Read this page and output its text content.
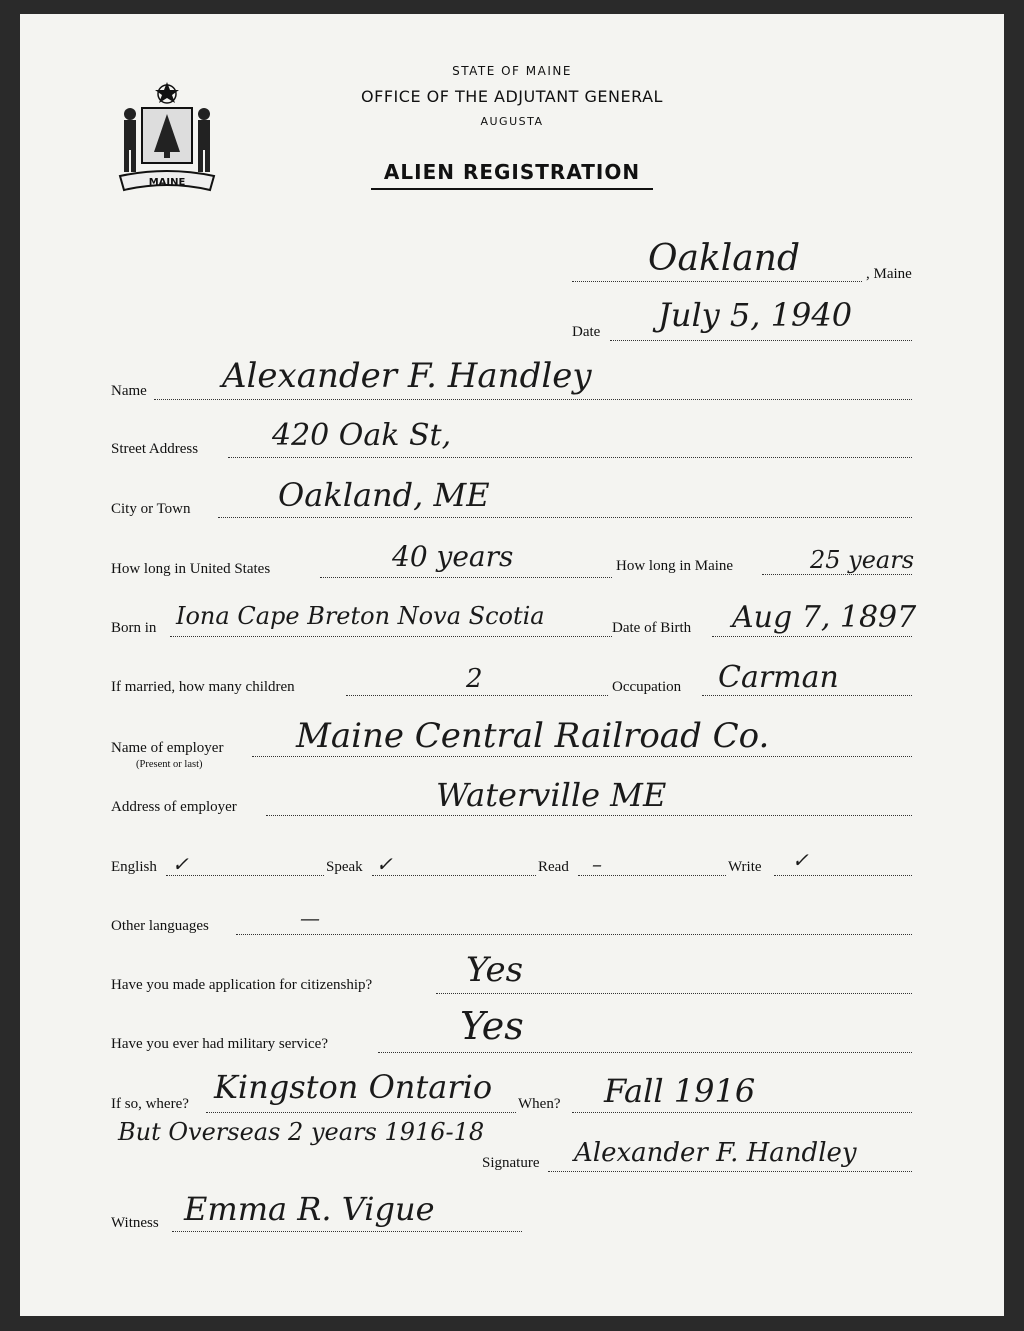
MAINE
STATE OF MAINE
OFFICE OF THE ADJUTANT GENERAL
AUGUSTA
ALIEN REGISTRATION
Oakland	, Maine
Date July 5, 1940
Name Alexander F. Handley
Street Address 420 Oak St,
City or Town	Oakland, ME
How long in United States	40 years	How long in Maine	25 years
Born in Iona Cape Breton Nova Scotia	Date of Birth Aug 7, 1897
If married, how many children	2	Occupation Carman
Name of employer
(Present or last)
Maine Central Railroad Co.
Address of employer	Waterville ME
English ✓	Speak ✓	Read –	Write ✓
Other languages	—
Have you made application for citizenship?	Yes
Have you ever had military service?	Yes
If so, where? Kingston Ontario When? Fall 1916
But Overseas 2 years 1916-18
Signature Alexander F. Handley
Witness Emma R. Vigue
